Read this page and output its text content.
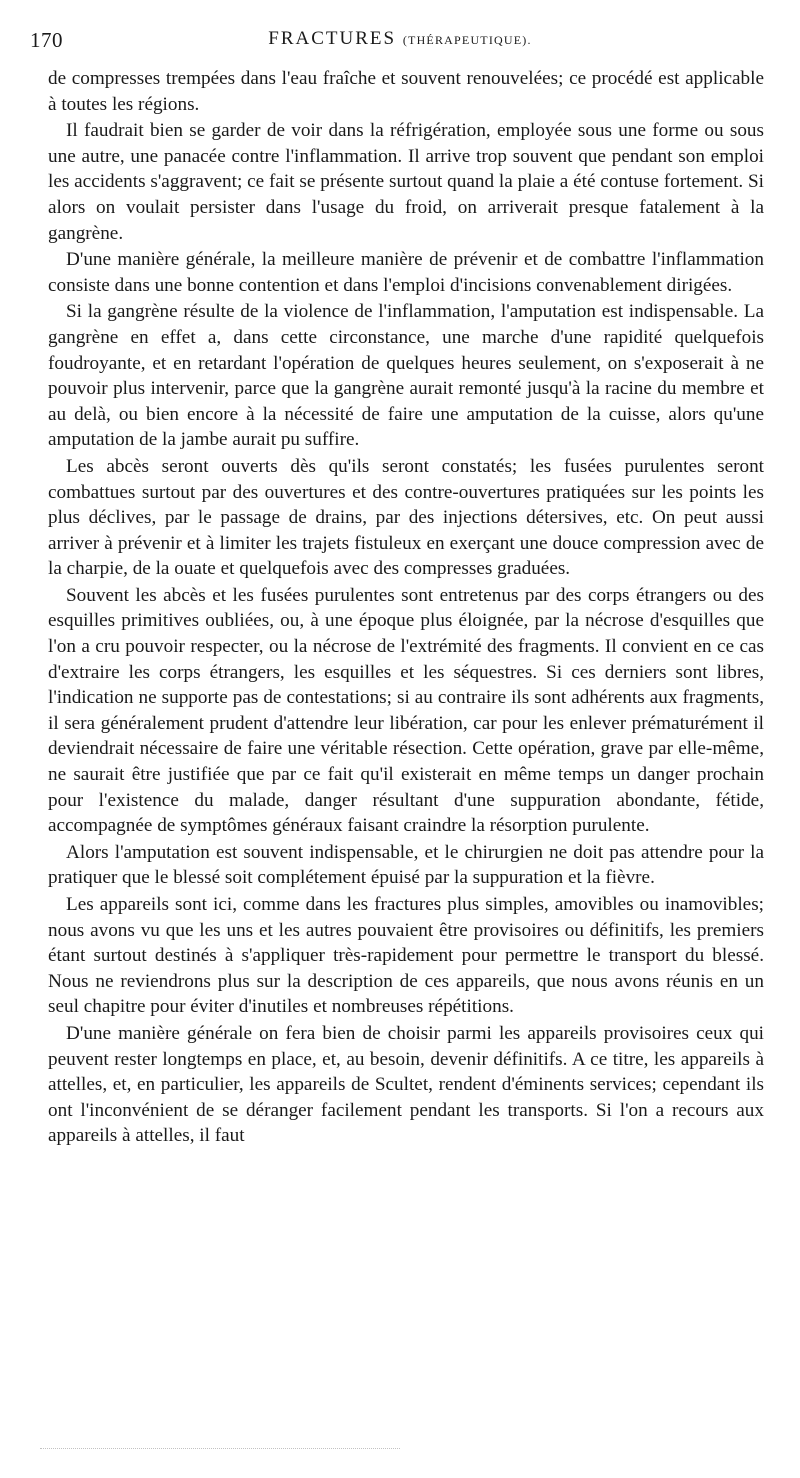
170	FRACTURES (THÉRAPEUTIQUE).

de compresses trempées dans l'eau fraîche et souvent renouvelées; ce procédé est applicable à toutes les régions.

Il faudrait bien se garder de voir dans la réfrigération, employée sous une forme ou sous une autre, une panacée contre l'inflammation. Il arrive trop souvent que pendant son emploi les accidents s'aggravent; ce fait se présente surtout quand la plaie a été contuse fortement. Si alors on voulait persister dans l'usage du froid, on arriverait presque fatalement à la gangrène.

D'une manière générale, la meilleure manière de prévenir et de combattre l'inflammation consiste dans une bonne contention et dans l'emploi d'incisions convenablement dirigées.

Si la gangrène résulte de la violence de l'inflammation, l'amputation est indispensable. La gangrène en effet a, dans cette circonstance, une marche d'une rapidité quelquefois foudroyante, et en retardant l'opération de quelques heures seulement, on s'exposerait à ne pouvoir plus intervenir, parce que la gangrène aurait remonté jusqu'à la racine du membre et au delà, ou bien encore à la nécessité de faire une amputation de la cuisse, alors qu'une amputation de la jambe aurait pu suffire.

Les abcès seront ouverts dès qu'ils seront constatés; les fusées purulentes seront combattues surtout par des ouvertures et des contre-ouvertures pratiquées sur les points les plus déclives, par le passage de drains, par des injections détersives, etc. On peut aussi arriver à prévenir et à limiter les trajets fistuleux en exerçant une douce compression avec de la charpie, de la ouate et quelquefois avec des compresses graduées.

Souvent les abcès et les fusées purulentes sont entretenus par des corps étrangers ou des esquilles primitives oubliées, ou, à une époque plus éloignée, par la nécrose d'esquilles que l'on a cru pouvoir respecter, ou la nécrose de l'extrémité des fragments. Il convient en ce cas d'extraire les corps étrangers, les esquilles et les séquestres. Si ces derniers sont libres, l'indication ne supporte pas de contestations; si au contraire ils sont adhérents aux fragments, il sera généralement prudent d'attendre leur libération, car pour les enlever prématurément il deviendrait nécessaire de faire une véritable résection. Cette opération, grave par elle-même, ne saurait être justifiée que par ce fait qu'il existerait en même temps un danger prochain pour l'existence du malade, danger résultant d'une suppuration abondante, fétide, accompagnée de symptômes généraux faisant craindre la résorption purulente.

Alors l'amputation est souvent indispensable, et le chirurgien ne doit pas attendre pour la pratiquer que le blessé soit complétement épuisé par la suppuration et la fièvre.

Les appareils sont ici, comme dans les fractures plus simples, amovibles ou inamovibles; nous avons vu que les uns et les autres pouvaient être provisoires ou définitifs, les premiers étant surtout destinés à s'appliquer très-rapidement pour permettre le transport du blessé. Nous ne reviendrons plus sur la description de ces appareils, que nous avons réunis en un seul chapitre pour éviter d'inutiles et nombreuses répétitions.

D'une manière générale on fera bien de choisir parmi les appareils provisoires ceux qui peuvent rester longtemps en place, et, au besoin, devenir définitifs. A ce titre, les appareils à attelles, et, en particulier, les appareils de Scultet, rendent d'éminents services; cependant ils ont l'inconvénient de se déranger facilement pendant les transports. Si l'on a recours aux appareils à attelles, il faut
